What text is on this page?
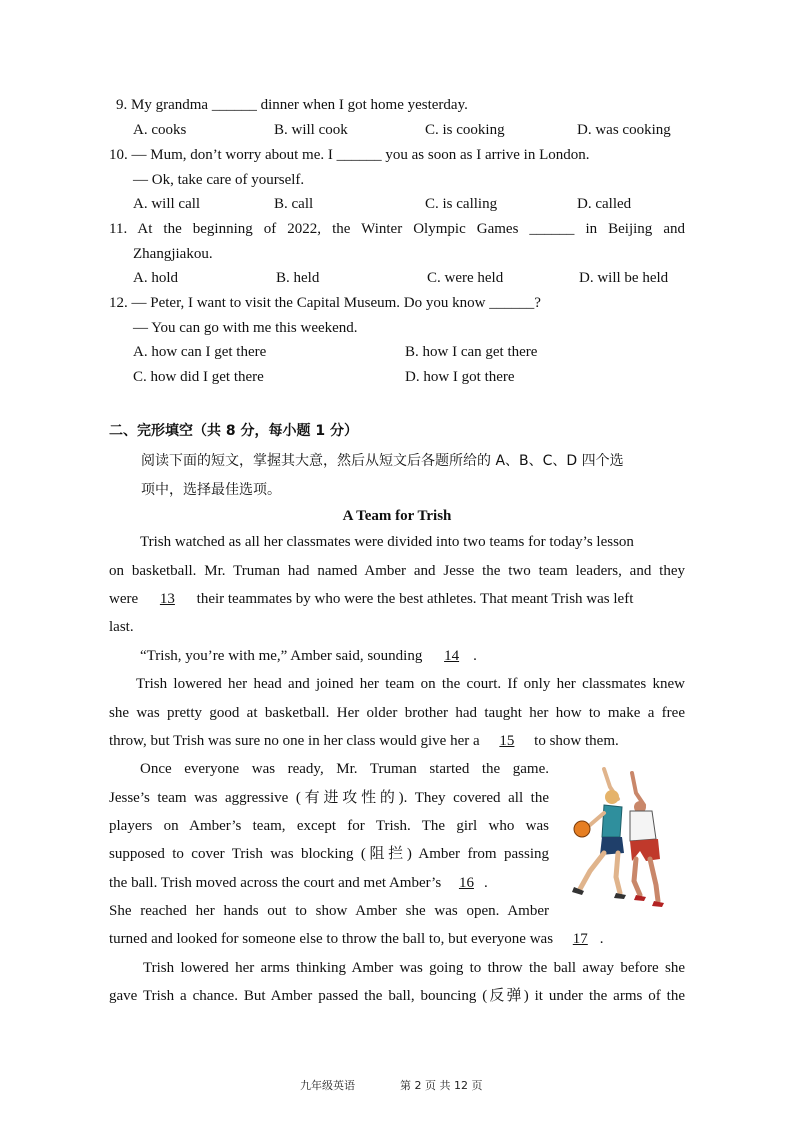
9. My grandma ______ dinner when I got home yesterday.
A. cooks	B. will cook	C. is cooking	D. was cooking
10. — Mum, don’t worry about me. I ______ you as soon as I arrive in London.
— Ok, take care of yourself.
A. will call	B. call	C. is calling	D. called
11. At the beginning of 2022, the Winter Olympic Games ______ in Beijing and
Zhangjiakou.
A. hold	B. held	C. were held	D. will be held
12. — Peter, I want to visit the Capital Museum. Do you know ______?
— You can go with me this weekend.
A. how can I get there	B. how I can get there
C. how did I get there	D. how I got there
二、完形填空（共 8 分，每小题 1 分）
阅读下面的短文，掌握其大意，然后从短文后各题所给的 A、B、C、D 四个选
项中，选择最佳选项。
A Team for Trish
Trish watched as all her classmates were divided into two teams for today’s lesson
on basketball. Mr. Truman had named Amber and Jesse the two team leaders, and they
were 13 their teammates by who were the best athletes. That meant Trish was left
last.
“Trish, you’re with me,” Amber said, sounding 14 .
Trish lowered her head and joined her team on the court. If only her classmates knew
she was pretty good at basketball. Her older brother had taught her how to make a free
throw, but Trish was sure no one in her class would give her a 15 to show them.
Once everyone was ready, Mr. Truman started the game.
Jesse’s team was aggressive (有进攻性的). They covered all the
players on Amber’s team, except for Trish. The girl who was
supposed to cover Trish was blocking (阻拦) Amber from passing
the ball. Trish moved across the court and met Amber’s 16 .
She reached her hands out to show Amber she was open. Amber
turned and looked for someone else to throw the ball to, but everyone was 17 .
Trish lowered her arms thinking Amber was going to throw the ball away before she
gave Trish a chance. But Amber passed the ball, bouncing (反弹) it under the arms of the
九年级英语	第 2 页 共 12 页
